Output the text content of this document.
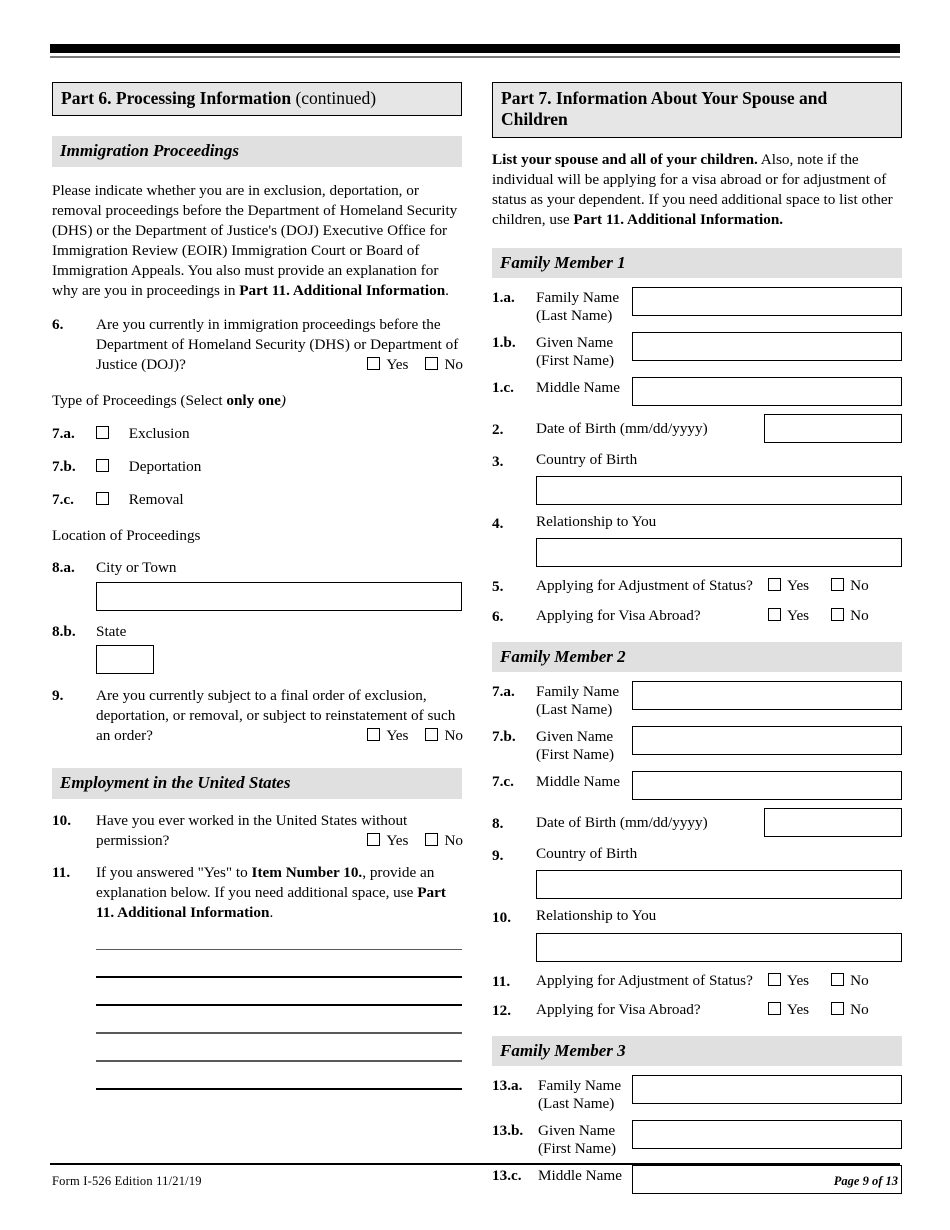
Part 6. Processing Information (continued)
Immigration Proceedings
Please indicate whether you are in exclusion, deportation, or removal proceedings before the Department of Homeland Security (DHS) or the Department of Justice's (DOJ) Executive Office for Immigration Review (EOIR) Immigration Court or Board of Immigration Appeals. You also must provide an explanation for why are you in proceedings in Part 11. Additional Information.
6. Are you currently in immigration proceedings before the Department of Homeland Security (DHS) or Department of Justice (DOJ)?	Yes No
Type of Proceedings (Select only one)
7.a.	Exclusion
7.b.	Deportation
7.c.	Removal
Location of Proceedings
8.a. City or Town
8.b. State
9. Are you currently subject to a final order of exclusion, deportation, or removal, or subject to reinstatement of such an order?	Yes No
Employment in the United States
10. Have you ever worked in the United States without permission?	Yes No
11. If you answered "Yes" to Item Number 10., provide an explanation below. If you need additional space, use Part 11. Additional Information.
Part 7. Information About Your Spouse and Children
List your spouse and all of your children. Also, note if the individual will be applying for a visa abroad or for adjustment of status as your dependent. If you need additional space to list other children, use Part 11. Additional Information.
Family Member 1
1.a.	Family Name
(Last Name)
1.b.	Given Name
(First Name)
1.c.	Middle Name
2.	Date of Birth (mm/dd/yyyy)
3.	Country of Birth
4.	Relationship to You
5.	Applying for Adjustment of Status?	Yes	No
6.	Applying for Visa Abroad?	Yes	No
Family Member 2
7.a.	Family Name
(Last Name)
7.b.	Given Name
(First Name)
7.c.	Middle Name
8.	Date of Birth (mm/dd/yyyy)
9.	Country of Birth
10.	Relationship to You
11.	Applying for Adjustment of Status?	Yes	No
12.	Applying for Visa Abroad?	Yes	No
Family Member 3
13.a.	Family Name
(Last Name)
13.b. Given Name
(First Name)
13.c.	Middle Name
Form I-526 Edition 11/21/19	Page 9 of 13
